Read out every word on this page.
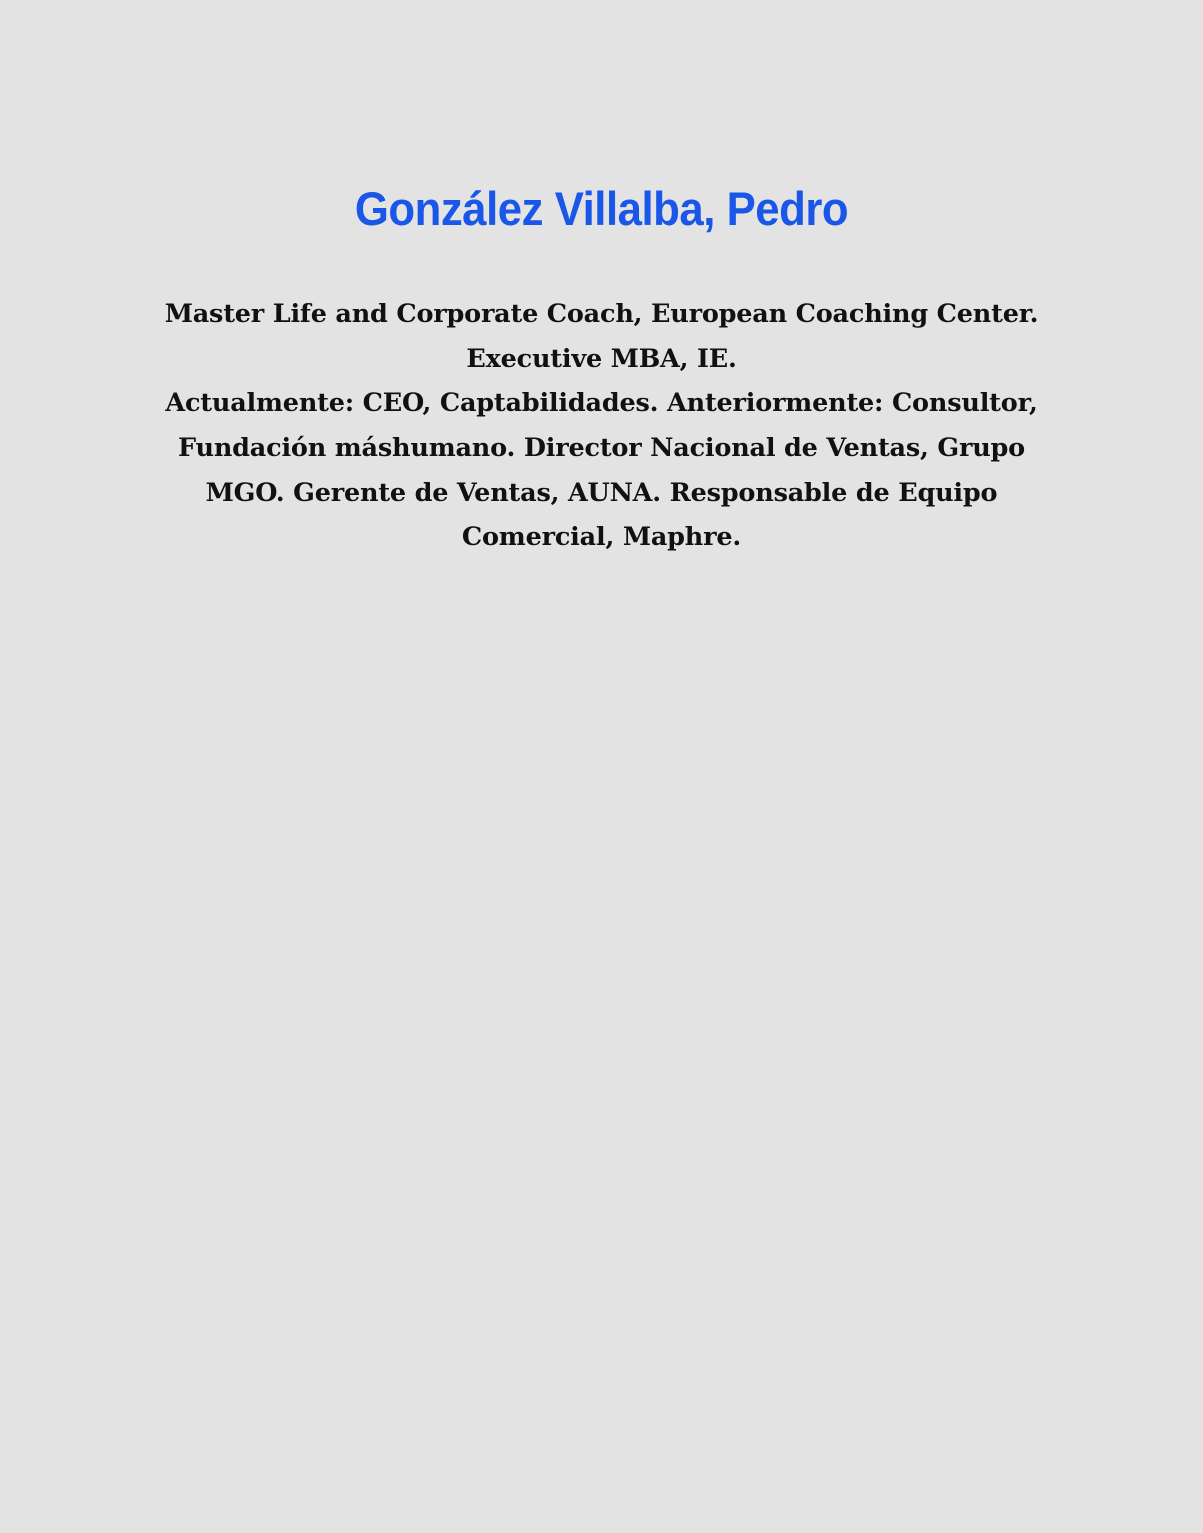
González Villalba, Pedro
Master Life and Corporate Coach, European Coaching Center.
Executive MBA, IE.
Actualmente: CEO, Captabilidades. Anteriormente: Consultor,
Fundación máshumano. Director Nacional de Ventas, Grupo
MGO. Gerente de Ventas, AUNA. Responsable de Equipo
Comercial, Maphre.
